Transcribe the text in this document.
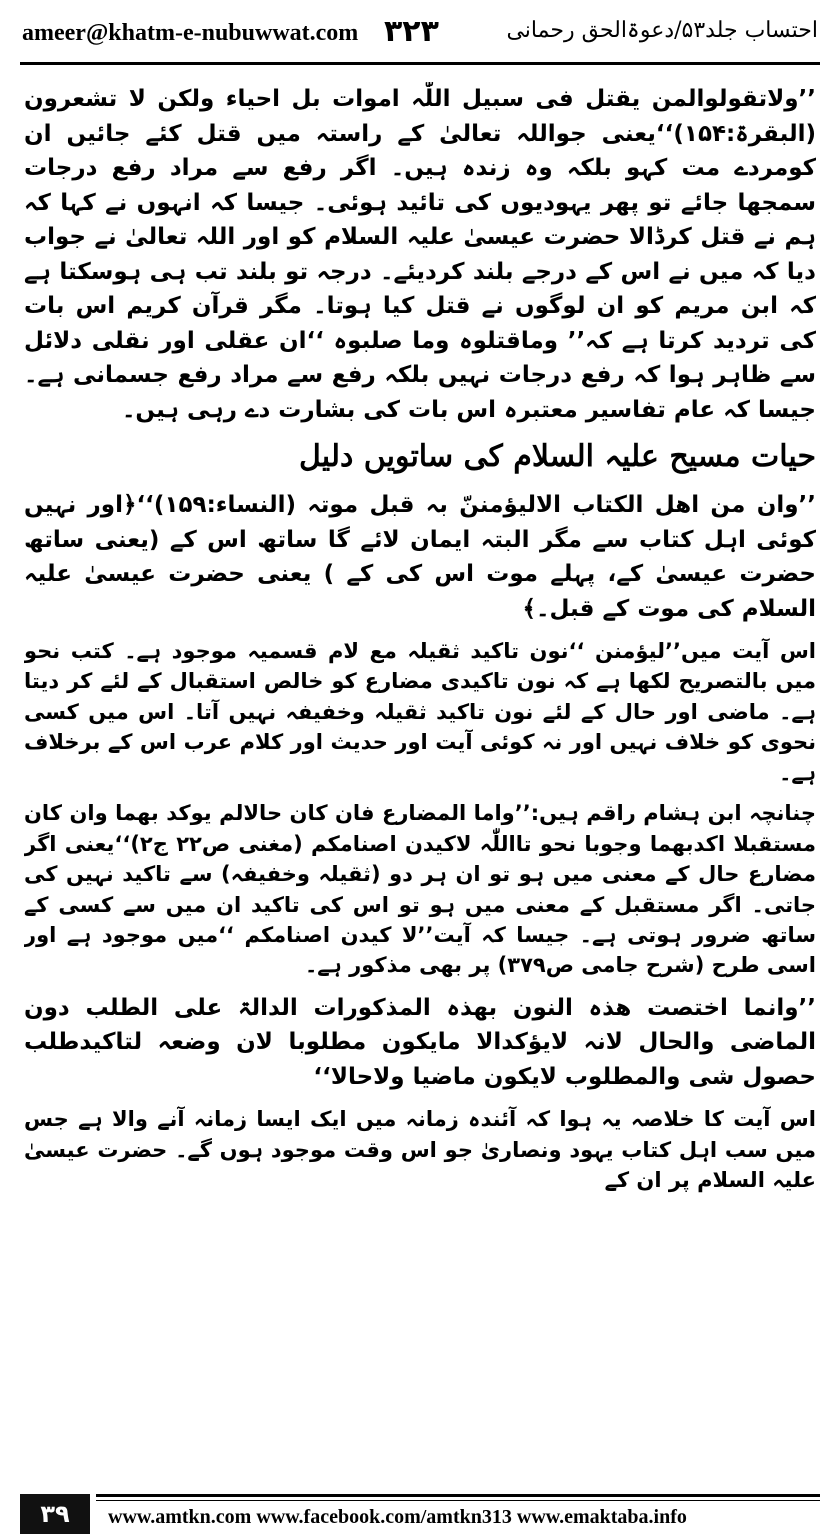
ameer@khatm-e-nubuwwat.com ۳۲۳	احتساب جلد۵۳/دعوۃالحق رحمانی

’’ولاتقولوالمن یقتل فی سبیل اللّٰہ اموات بل احیاء ولکن لا تشعرون (البقرۃ:۱۵۴)‘‘یعنی جواللہ تعالیٰ کے راستہ میں قتل کئے جائیں ان کومردے مت کہو بلکہ وہ زندہ ہیں۔ اگر رفع سے مراد رفع درجات سمجھا جائے تو پھر یہودیوں کی تائید ہوئی۔ جیسا کہ انہوں نے کہا کہ ہم نے قتل کرڈالا حضرت عیسیٰ علیہ السلام کو اور اللہ تعالیٰ نے جواب دیا کہ میں نے اس کے درجے بلند کردیئے۔ درجہ تو بلند تب ہی ہوسکتا ہے کہ ابن مریم کو ان لوگوں نے قتل کیا ہوتا۔ مگر قرآن کریم اس بات کی تردید کرتا ہے کہ’’ وماقتلوہ وما صلبوہ ‘‘ان عقلی اور نقلی دلائل سے ظاہر ہوا کہ رفع درجات نہیں بلکہ رفع سے مراد رفع جسمانی ہے۔ جیسا کہ عام تفاسیر معتبرہ اس بات کی بشارت دے رہی ہیں۔

حیات مسیح علیہ السلام کی ساتویں دلیل

’’وان من اھل الکتاب الالیؤمننّ بہ قبل موتہ (النساء:۱۵۹)‘‘﴿اور نہیں کوئی اہل کتاب سے مگر البتہ ایمان لائے گا ساتھ اس کے (یعنی ساتھ حضرت عیسیٰ کے، پہلے موت اس کی کے ) یعنی حضرت عیسیٰ علیہ السلام کی موت کے قبل۔﴾

اس آیت میں’’لیؤمنن ‘‘نون تاکید ثقیلہ مع لام قسمیہ موجود ہے۔ کتب نحو میں بالتصریح لکھا ہے کہ نون تاکیدی مضارع کو خالص استقبال کے لئے کر دیتا ہے۔ ماضی اور حال کے لئے نون تاکید ثقیلہ وخفیفہ نہیں آتا۔ اس میں کسی نحوی کو خلاف نہیں اور نہ کوئی آیت اور حدیث اور کلام عرب اس کے برخلاف ہے۔

چنانچہ ابن ہشام راقم ہیں:’’واما المضارع فان کان حالالم یوکد بھما وان کان مستقبلا اکدبھما وجوبا نحو تااللّٰہ لاکیدن اصنامکم (مغنی ص۲۲ ج۲)‘‘یعنی اگر مضارع حال کے معنی میں ہو تو ان ہر دو (ثقیلہ وخفیفہ) سے تاکید نہیں کی جاتی۔ اگر مستقبل کے معنی میں ہو تو اس کی تاکید ان میں سے کسی کے ساتھ ضرور ہوتی ہے۔ جیسا کہ آیت’’لا کیدن اصنامکم ‘‘میں موجود ہے اور اسی طرح (شرح جامی ص۳۷۹) پر بھی مذکور ہے۔

’’وانما اختصت ھذہ النون بھذہ المذکورات الدالۃ علی الطلب دون الماضی والحال لانہ لایؤکدالا مایکون مطلوبا لان وضعہ لتاکیدطلب حصول شی والمطلوب لایکون ماضیا ولاحالا‘‘

اس آیت کا خلاصہ یہ ہوا کہ آئندہ زمانہ میں ایک ایسا زمانہ آنے والا ہے جس میں سب اہل کتاب یہود ونصاریٰ جو اس وقت موجود ہوں گے۔ حضرت عیسیٰ علیہ السلام پر ان کے

۳۹	www.amtkn.com www.facebook.com/amtkn313 www.emaktaba.info
